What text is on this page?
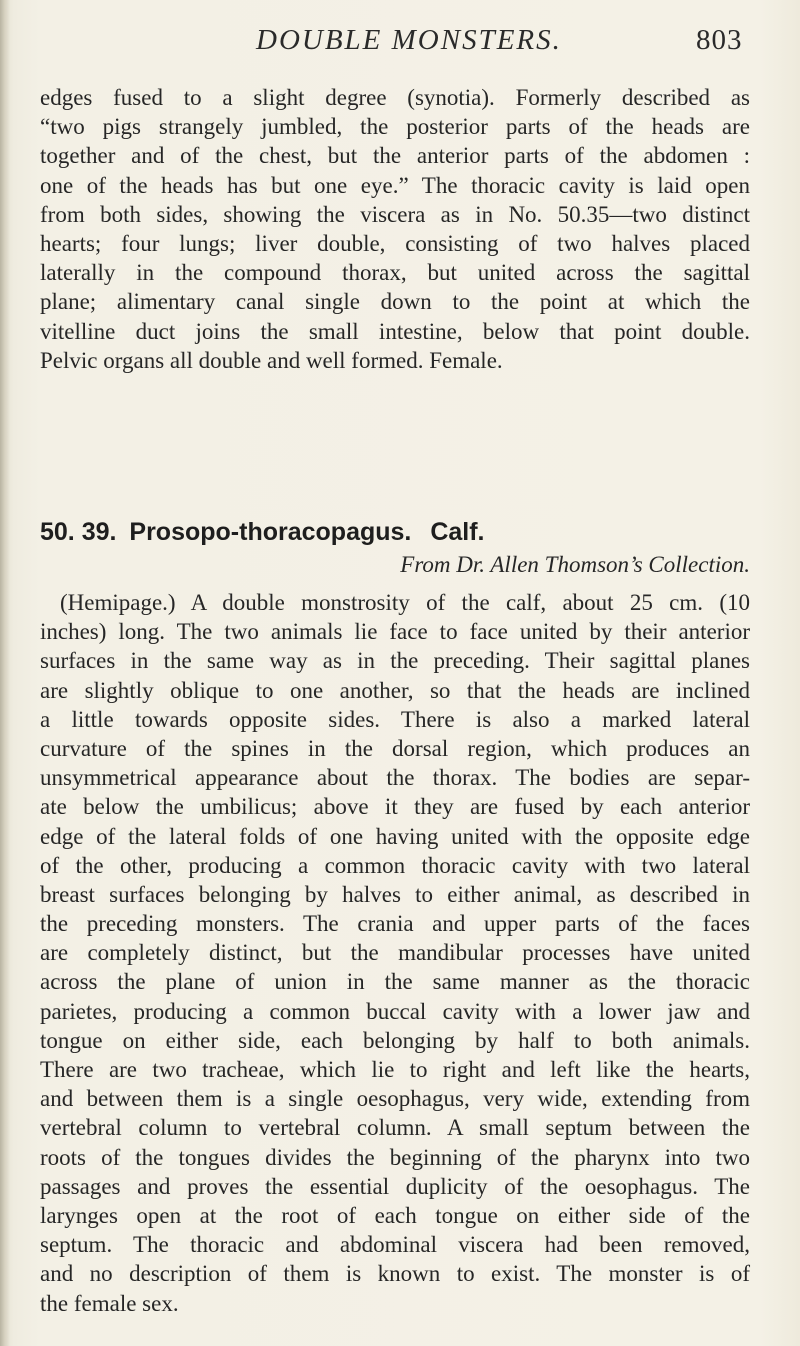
DOUBLE MONSTERS.	803
edges fused to a slight degree (synotia). Formerly described as
“two pigs strangely jumbled, the posterior parts of the heads are
together and of the chest, but the anterior parts of the abdomen :
one of the heads has but one eye.” The thoracic cavity is laid open
from both sides, showing the viscera as in No. 50.35—two distinct
hearts; four lungs; liver double, consisting of two halves placed
laterally in the compound thorax, but united across the sagittal
plane; alimentary canal single down to the point at which the
vitelline duct joins the small intestine, below that point double.
Pelvic organs all double and well formed. Female.
50. 39. Prosopo-thoracopagus. Calf.
From Dr. Allen Thomson’s Collection.
(Hemipage.) A double monstrosity of the calf, about 25 cm. (10
inches) long. The two animals lie face to face united by their anterior
surfaces in the same way as in the preceding. Their sagittal planes
are slightly oblique to one another, so that the heads are inclined
a little towards opposite sides. There is also a marked lateral
curvature of the spines in the dorsal region, which produces an
unsymmetrical appearance about the thorax. The bodies are separ-
ate below the umbilicus; above it they are fused by each anterior
edge of the lateral folds of one having united with the opposite edge
of the other, producing a common thoracic cavity with two lateral
breast surfaces belonging by halves to either animal, as described in
the preceding monsters. The crania and upper parts of the faces
are completely distinct, but the mandibular processes have united
across the plane of union in the same manner as the thoracic
parietes, producing a common buccal cavity with a lower jaw and
tongue on either side, each belonging by half to both animals.
There are two tracheae, which lie to right and left like the hearts,
and between them is a single oesophagus, very wide, extending from
vertebral column to vertebral column. A small septum between the
roots of the tongues divides the beginning of the pharynx into two
passages and proves the essential duplicity of the oesophagus. The
larynges open at the root of each tongue on either side of the
septum. The thoracic and abdominal viscera had been removed,
and no description of them is known to exist. The monster is of
the female sex.
